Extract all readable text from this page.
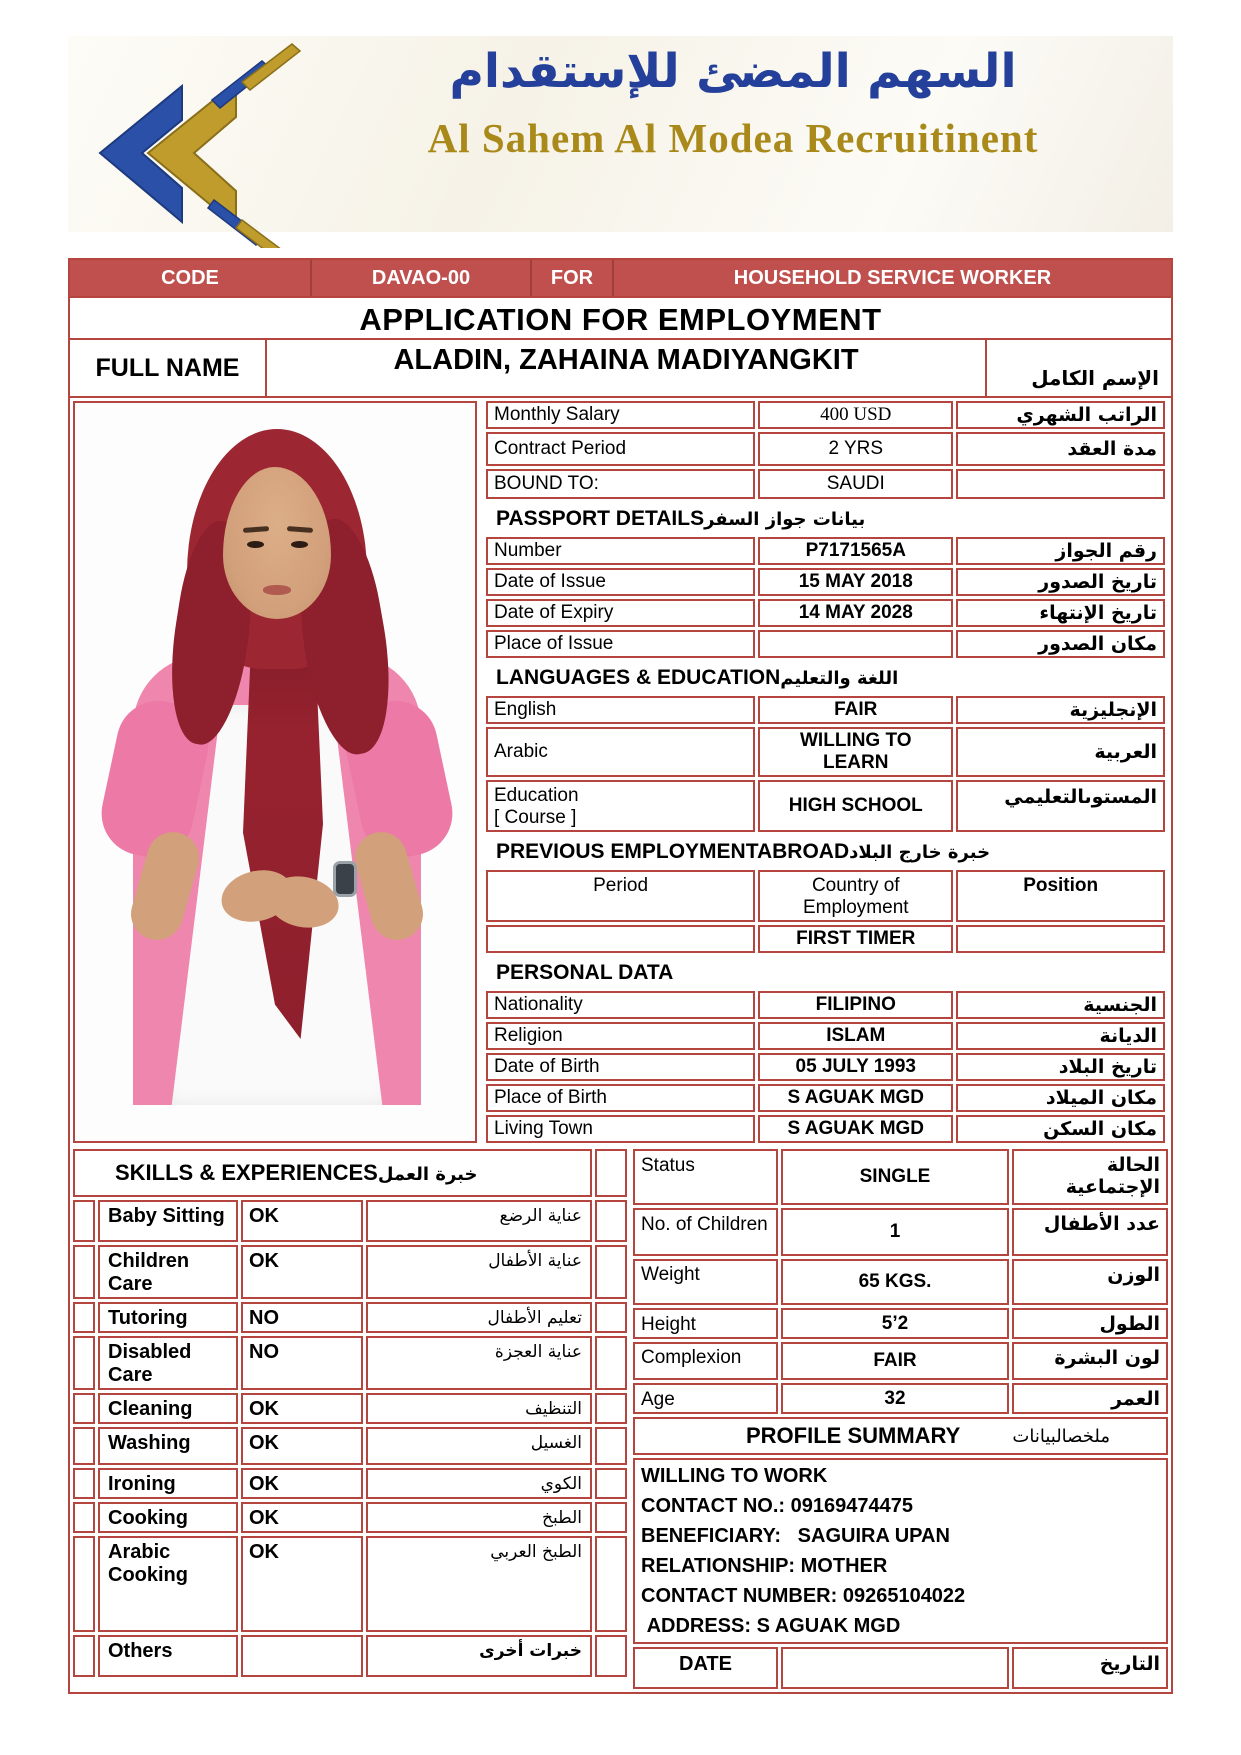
السهم المضئ للإستقدام
Al Sahem Al Modea Recruitinent
CODE	DAVAO-00	FOR	HOUSEHOLD SERVICE WORKER
APPLICATION FOR EMPLOYMENT
FULL NAME	ALADIN, ZAHAINA MADIYANGKIT
الإسم الكامل
Monthly Salary	400 USD	الراتب الشهري
Contract Period	2 YRS	مدة العقد
BOUND TO:	SAUDI	
PASSPORT DETAILSبيانات جواز السفر		
Number	P7171565A	رقم الجواز
Date of Issue	15 MAY 2018	تاريخ الصدور
Date of Expiry	14 MAY 2028	تاريخ الإنتهاء
Place of Issue		مكان الصدور
LANGUAGES & EDUCATIONاللغة والتعليم		
English	FAIR	الإنجليزية
Arabic	WILLING TO LEARN	العربية

Education
[ Course ]	HIGH SCHOOL	المستوىالتعليمي
PREVIOUS EMPLOYMENTABROADخبرة خارج البلاد		
Period	Country of Employment	Position
	FIRST TIMER	
PERSONAL DATA		
Nationality	FILIPINO	الجنسية
Religion	ISLAM	الديانة
Date of Birth	05 JULY 1993	تاريخ البلاد
Place of Birth	S AGUAK MGD	مكان الميلاد
Living Town	S AGUAK MGD	مكان السكن
SKILLS & EXPERIENCESخبرة العمل				
	Baby Sitting	OK	عناية الرضع	
	Children Care	OK	عناية الأطفال	
	Tutoring	NO	تعليم الأطفال	
	Disabled Care	NO	عناية العجزة	
	Cleaning	OK	التنظيف	
	Washing	OK	الغسيل	
	Ironing	OK	الكوي	
	Cooking	OK	الطبخ	
	Arabic Cooking	OK	الطبخ العربي	
	Others		خبرات أخرى	
Status	SINGLE	الحالة الإجتماعية
No. of Children	1	عدد الأطفال
Weight	65 KGS.	الوزن
Height	5’2	الطول
Complexion	FAIR	لون البشرة
Age	32	العمر

PROFILE SUMMARY ملخصالبيانات		

WILLING TO WORK
CONTACT NO.: 09169474475
BENEFICIARY:   SAGUIRA UPAN
RELATIONSHIP: MOTHER
CONTACT NUMBER: 09265104022
ADDRESS: S AGUAK MGD

DATE		التاريخ
